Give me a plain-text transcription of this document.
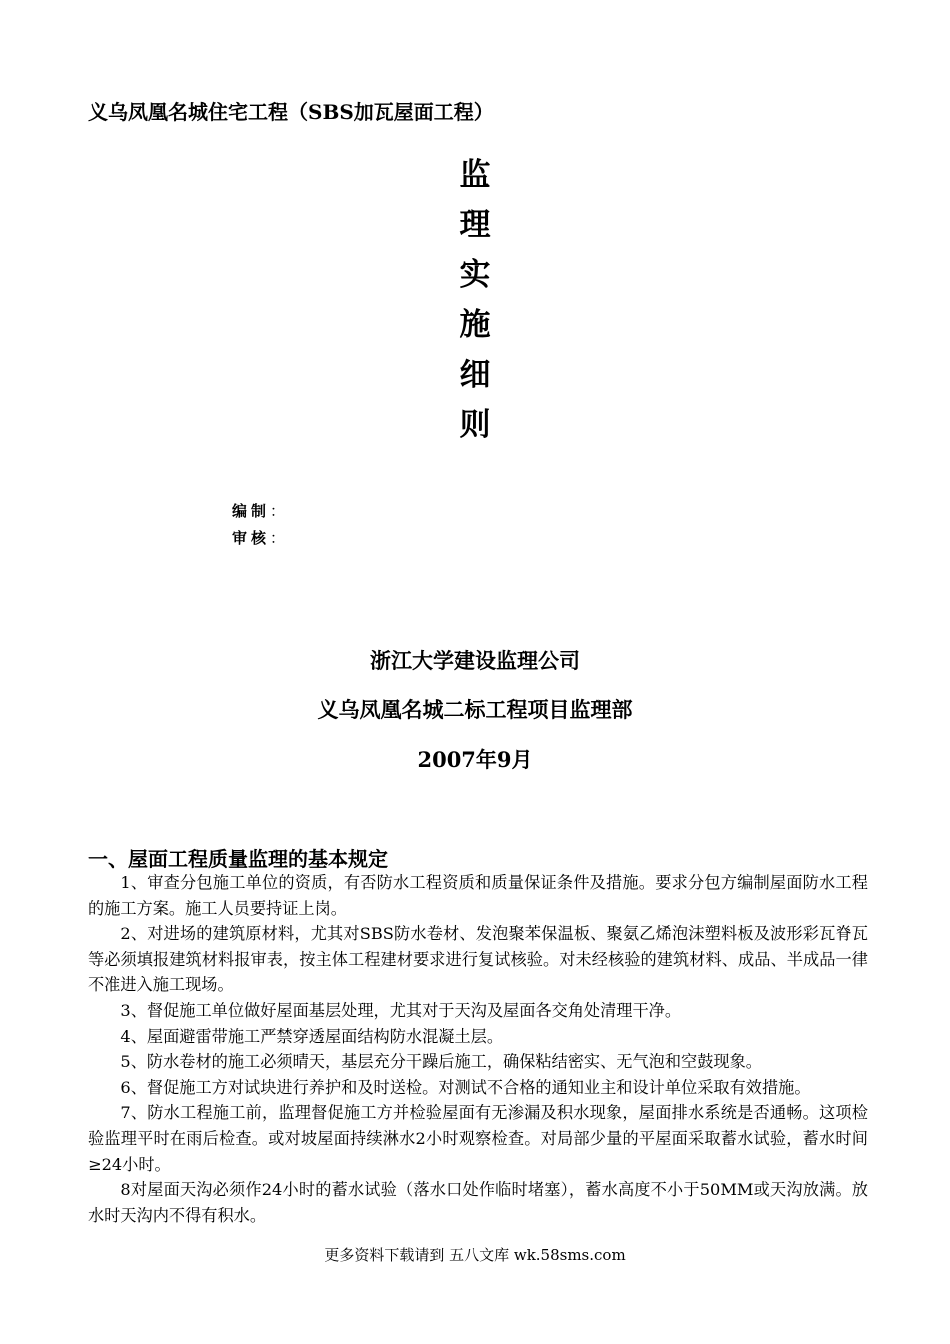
义乌凤凰名城住宅工程（SBS加瓦屋面工程）
监
理
实
施
细
则
编制：
审核：
浙江大学建设监理公司
义乌凤凰名城二标工程项目监理部
2007年9月
一、屋面工程质量监理的基本规定

1、审查分包施工单位的资质，有否防水工程资质和质量保证条件及措施。要求分包方编制屋面防水工程的施工方案。施工人员要持证上岗。

2、对进场的建筑原材料，尤其对SBS防水卷材、发泡聚苯保温板、聚氨乙烯泡沫塑料板及波形彩瓦脊瓦等必须填报建筑材料报审表，按主体工程建材要求进行复试核验。对未经核验的建筑材料、成品、半成品一律不准进入施工现场。

3、督促施工单位做好屋面基层处理，尤其对于天沟及屋面各交角处清理干净。

4、屋面避雷带施工严禁穿透屋面结构防水混凝土层。

5、防水卷材的施工必须晴天，基层充分干躁后施工，确保粘结密实、无气泡和空鼓现象。

6、督促施工方对试块进行养护和及时送检。对测试不合格的通知业主和设计单位采取有效措施。

7、防水工程施工前，监理督促施工方并检验屋面有无渗漏及积水现象，屋面排水系统是否通畅。这项检验监理平时在雨后检查。或对坡屋面持续淋水2小时观察检查。对局部少量的平屋面采取蓄水试验，蓄水时间≥24小时。

8对屋面天沟必须作24小时的蓄水试验（落水口处作临时堵塞），蓄水高度不小于50MM或天沟放满。放水时天沟内不得有积水。

更多资料下载请到 五八文库 wk.58sms.com
